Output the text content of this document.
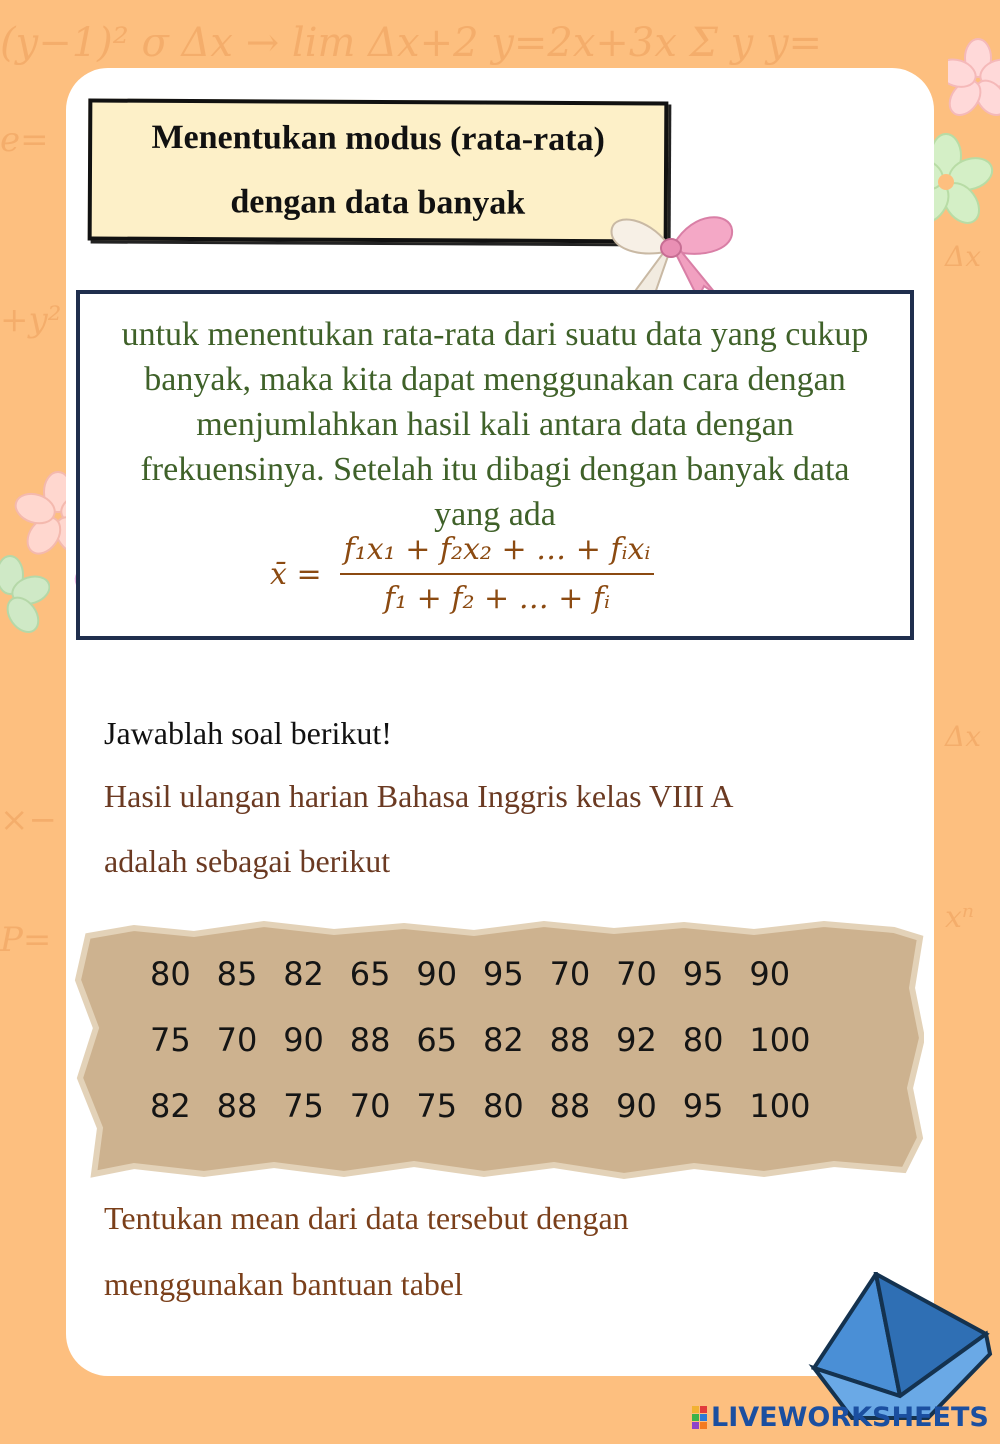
(y−1)² σ Δx → lim Δx+2 y=2x+3x Σ y y=
e=
+y²
×−
P=
Δx
Δx
xⁿ
Menentukan modus (rata-rata)
dengan data banyak
untuk menentukan rata-rata dari suatu data yang cukup banyak, maka kita dapat menggunakan cara dengan menjumlahkan hasil kali antara data dengan frekuensinya. Setelah itu dibagi dengan banyak data yang ada
x̄ = $\frac{\text{f₁x₁ + f₂x₂ + … + fᵢxᵢ}}{\text{f₁ + f₂ + … + fᵢ}}$
Jawablah soal berikut!
Hasil ulangan harian Bahasa Inggris kelas VIII A
adalah sebagai berikut
80 85 82 65 90 95 70 70 95 90
75 70 90 88 65 82 88 92 80 100
82 88 75 70 75 80 88 90 95 100
Tentukan mean dari data tersebut dengan
menggunakan bantuan tabel
LIVEWORKSHEETS
